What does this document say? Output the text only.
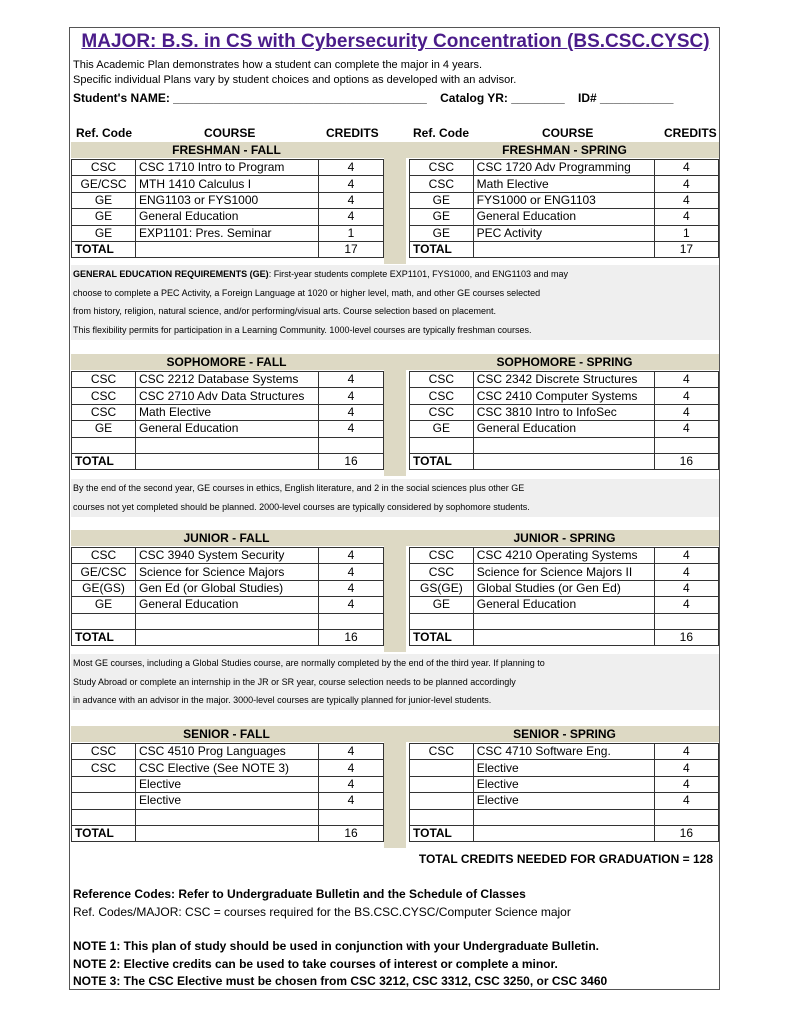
MAJOR: B.S. in CS with Cybersecurity Concentration (BS.CSC.CYSC)
This Academic Plan demonstrates how a student can complete the major in 4 years.
Specific individual Plans vary by student choices and options as developed with an advisor.
Student's NAME: ______________________________________ Catalog YR: ________ ID# ___________
Ref. Code	COURSE	CREDITS	Ref. Code	COURSE	CREDITS
FRESHMAN - FALL	FRESHMAN - SPRING
CSC	CSC 1710 Intro to Program	4
GE/CSC	MTH 1410 Calculus I	4
GE	ENG1103 or FYS1000	4
GE	General Education	4
GE	EXP1101: Pres. Seminar	1
TOTAL		17
CSC	CSC 1720 Adv Programming	4
CSC	Math Elective	4
GE	FYS1000 or ENG1103	4
GE	General Education	4
GE	PEC Activity	1
TOTAL		17
GENERAL EDUCATION REQUIREMENTS (GE): First-year students complete EXP1101, FYS1000, and ENG1103 and may
choose to complete a PEC Activity, a Foreign Language at 1020 or higher level, math, and other GE courses selected
from history, religion, natural science, and/or performing/visual arts. Course selection based on placement.
This flexibility permits for participation in a Learning Community. 1000-level courses are typically freshman courses.
SOPHOMORE - FALL	SOPHOMORE - SPRING
CSC	CSC 2212 Database Systems	4
CSC	CSC 2710 Adv Data Structures	4
CSC	Math Elective	4
GE	General Education	4

TOTAL		16
CSC	CSC 2342 Discrete Structures	4
CSC	CSC 2410 Computer Systems	4
CSC	CSC 3810 Intro to InfoSec	4
GE	General Education	4

TOTAL		16
By the end of the second year, GE courses in ethics, English literature, and 2 in the social sciences plus other GE
courses not yet completed should be planned. 2000-level courses are typically considered by sophomore students.
JUNIOR - FALL	JUNIOR - SPRING
CSC	CSC 3940 System Security	4
GE/CSC	Science for Science Majors	4
GE(GS)	Gen Ed (or Global Studies)	4
GE	General Education	4

TOTAL		16
CSC	CSC 4210 Operating Systems	4
CSC	Science for Science Majors II	4
GS(GE)	Global Studies (or Gen Ed)	4
GE	General Education	4

TOTAL		16
Most GE courses, including a Global Studies course, are normally completed by the end of the third year. If planning to
Study Abroad or complete an internship in the JR or SR year, course selection needs to be planned accordingly
in advance with an advisor in the major. 3000-level courses are typically planned for junior-level students.
SENIOR - FALL	SENIOR - SPRING
CSC	CSC 4510 Prog Languages	4
CSC	CSC Elective (See NOTE 3)	4
	Elective	4
	Elective	4

TOTAL		16
CSC	CSC 4710 Software Eng.	4
	Elective	4
	Elective	4
	Elective	4

TOTAL		16
TOTAL CREDITS NEEDED FOR GRADUATION = 128
Reference Codes: Refer to Undergraduate Bulletin and the Schedule of Classes
Ref. Codes/MAJOR: CSC = courses required for the BS.CSC.CYSC/Computer Science major
NOTE 1: This plan of study should be used in conjunction with your Undergraduate Bulletin.
NOTE 2: Elective credits can be used to take courses of interest or complete a minor.
NOTE 3: The CSC Elective must be chosen from CSC 3212, CSC 3312, CSC 3250, or CSC 3460
